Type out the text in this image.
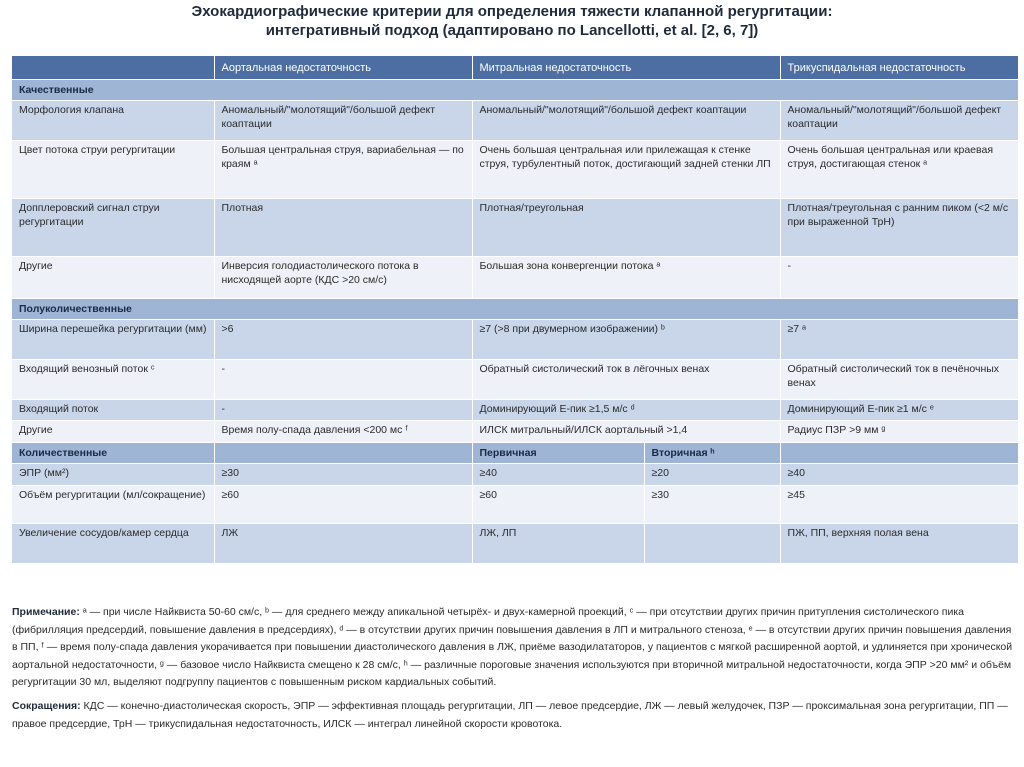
Эхокардиографические критерии для определения тяжести клапанной регургитации:
интегративный подход (адаптировано по Lancellotti, et al. [2, 6, 7])
	Аортальная недостаточность	Митральная недостаточность		Трикуспидальная недостаточность
Качественные				
Морфология клапана	Аномальный/"молотящий"/большой дефект коаптации	Аномальный/"молотящий"/большой дефект коаптации		Аномальный/"молотящий"/большой дефект коаптации
Цвет потока струи регургитации	Большая центральная струя, вариабельная — по краям ᵃ	Очень большая центральная или прилежащая к стенке струя, турбулентный поток, достигающий задней стенки ЛП		Очень большая центральная или краевая струя, достигающая стенок ᵃ
Допплеровский сигнал струи регургитации	Плотная	Плотная/треугольная		Плотная/треугольная с ранним пиком (<2 м/с при выраженной ТрН)
Другие	Инверсия голодиастолического потока в нисходящей аорте (КДС >20 см/с)	Большая зона конвергенции потока ᵃ		-
Полуколичественные				
Ширина перешейка регургитации (мм)	>6	≥7 (>8 при двумерном изображении) ᵇ		≥7 ᵃ
Входящий венозный поток ᶜ	-	Обратный систолический ток в лёгочных венах		Обратный систолический ток в печёночных венах
Входящий поток	-	Доминирующий E-пик ≥1,5 м/с ᵈ		Доминирующий E-пик ≥1 м/с ᵉ
Другие	Время полу-спада давления <200 мс ᶠ	ИЛСК митральный/ИЛСК аортальный >1,4		Радиус ПЗР >9 мм ᵍ
Количественные		Первичная	Вторичная ʰ	
ЭПР (мм²)	≥30	≥40	≥20	≥40
Объём регургитации (мл/сокращение)	≥60	≥60	≥30	≥45
Увеличение сосудов/камер сердца	ЛЖ	ЛЖ, ЛП		ПЖ, ПП, верхняя полая вена

Примечание: ᵃ — при числе Найквиста 50-60 см/с, ᵇ — для среднего между апикальной четырёх- и двух-камерной проекций, ᶜ — при отсутствии других причин притупления систолического пика (фибрилляция предсердий, повышение давления в предсердиях), ᵈ — в отсутствии других причин повышения давления в ЛП и митрального стеноза, ᵉ — в отсутствии других причин повышения давления в ПП, ᶠ — время полу-спада давления укорачивается при повышении диастолического давления в ЛЖ, приёме вазодилататоров, у пациентов с мягкой расширенной аортой, и удлиняется при хронической аортальной недостаточности, ᵍ — базовое число Найквиста смещено к 28 см/с, ʰ — различные пороговые значения используются при вторичной митральной недостаточности, когда ЭПР >20 мм² и объём регургитации 30 мл, выделяют подгруппу пациентов с повышенным риском кардиальных событий.

Сокращения: КДС — конечно-диастолическая скорость, ЭПР — эффективная площадь регургитации, ЛП — левое предсердие, ЛЖ — левый желудочек, ПЗР — проксимальная зона регургитации, ПП — правое предсердие, ТрН — трикуспидальная недостаточность, ИЛСК — интеграл линейной скорости кровотока.
